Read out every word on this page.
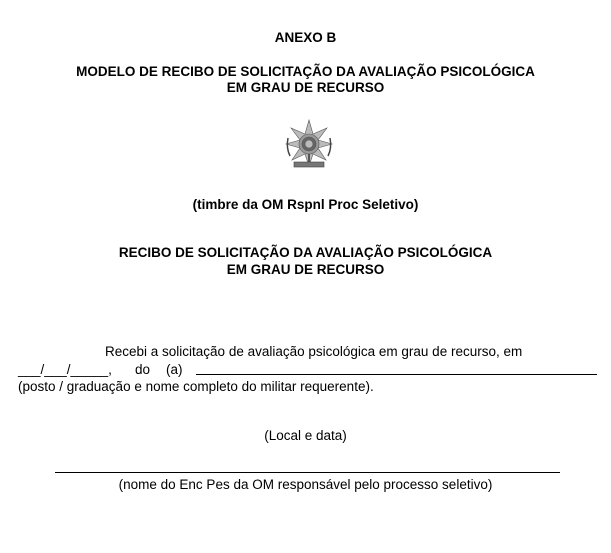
ANEXO B
MODELO DE RECIBO DE SOLICITAÇÃO DA AVALIAÇÃO PSICOLÓGICA
EM GRAU DE RECURSO
(timbre da OM Rspnl Proc Seletivo)
RECIBO DE SOLICITAÇÃO DA AVALIAÇÃO PSICOLÓGICA
EM GRAU DE RECURSO
Recebi a solicitação de avaliação psicológica em grau de recurso, em
___/___/_____, do (a)
(posto / graduação e nome completo do militar requerente).
(Local e data)
(nome do Enc Pes da OM responsável pelo processo seletivo)
